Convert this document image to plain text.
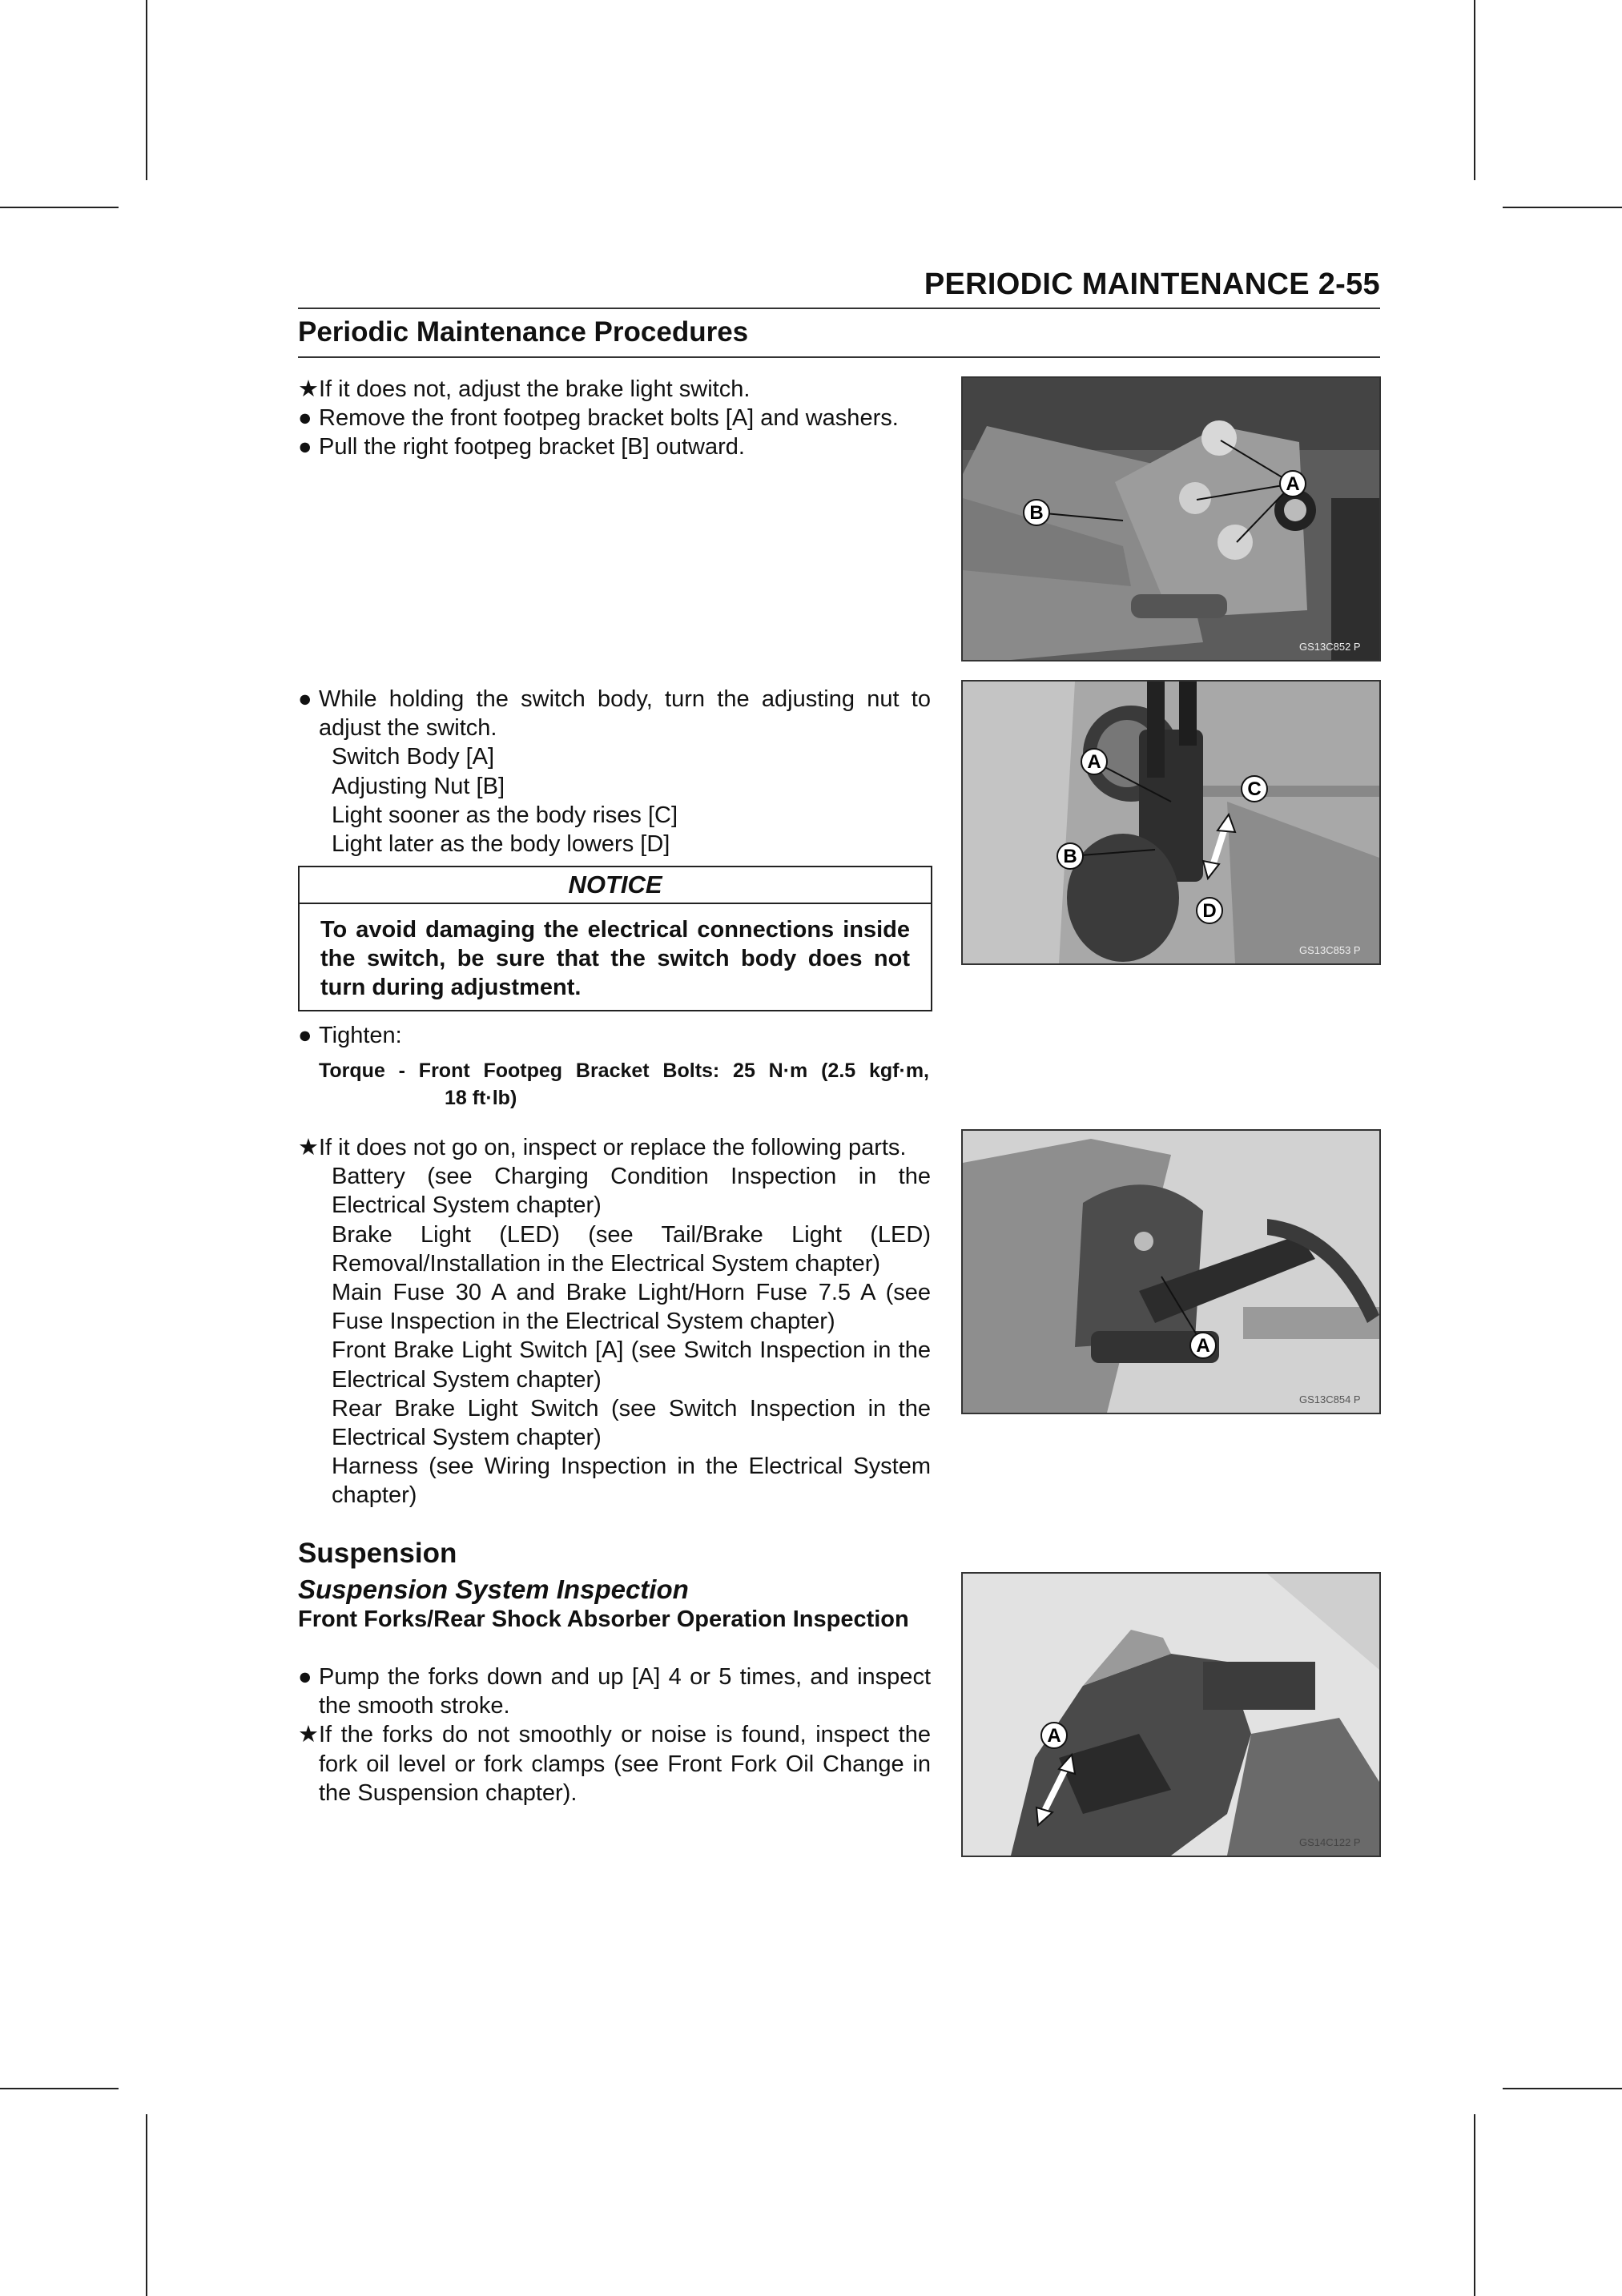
PERIODIC MAINTENANCE 2-55
Periodic Maintenance Procedures
★ If it does not, adjust the brake light switch.
● Remove the front footpeg bracket bolts [A] and washers.
● Pull the right footpeg bracket [B] outward.
● While holding the switch body, turn the adjusting nut to adjust the switch.
Switch Body [A]
Adjusting Nut [B]
Light sooner as the body rises [C]
Light later as the body lowers [D]
NOTICE
To avoid damaging the electrical connections inside the switch, be sure that the switch body does not turn during adjustment.
● Tighten:
Torque - Front Footpeg Bracket Bolts: 25 N·m (2.5 kgf·m,
18 ft·lb)
★ If it does not go on, inspect or replace the following parts.
Battery (see Charging Condition Inspection in the Electrical System chapter)
Brake Light (LED) (see Tail/Brake Light (LED) Removal/Installation in the Electrical System chapter)
Main Fuse 30 A and Brake Light/Horn Fuse 7.5 A (see Fuse Inspection in the Electrical System chapter)
Front Brake Light Switch [A] (see Switch Inspection in the Electrical System chapter)
Rear Brake Light Switch (see Switch Inspection in the Electrical System chapter)
Harness (see Wiring Inspection in the Electrical System chapter)
Suspension
Suspension System Inspection
Front Forks/Rear Shock Absorber Operation Inspection
● Pump the forks down and up [A] 4 or 5 times, and inspect the smooth stroke.
★ If the forks do not smoothly or noise is found, inspect the fork oil level or fork clamps (see Front Fork Oil Change in the Suspension chapter).
A
B
GS13C852 P
A
B
C
D
GS13C853 P
A
GS13C854 P
A
GS14C122 P
